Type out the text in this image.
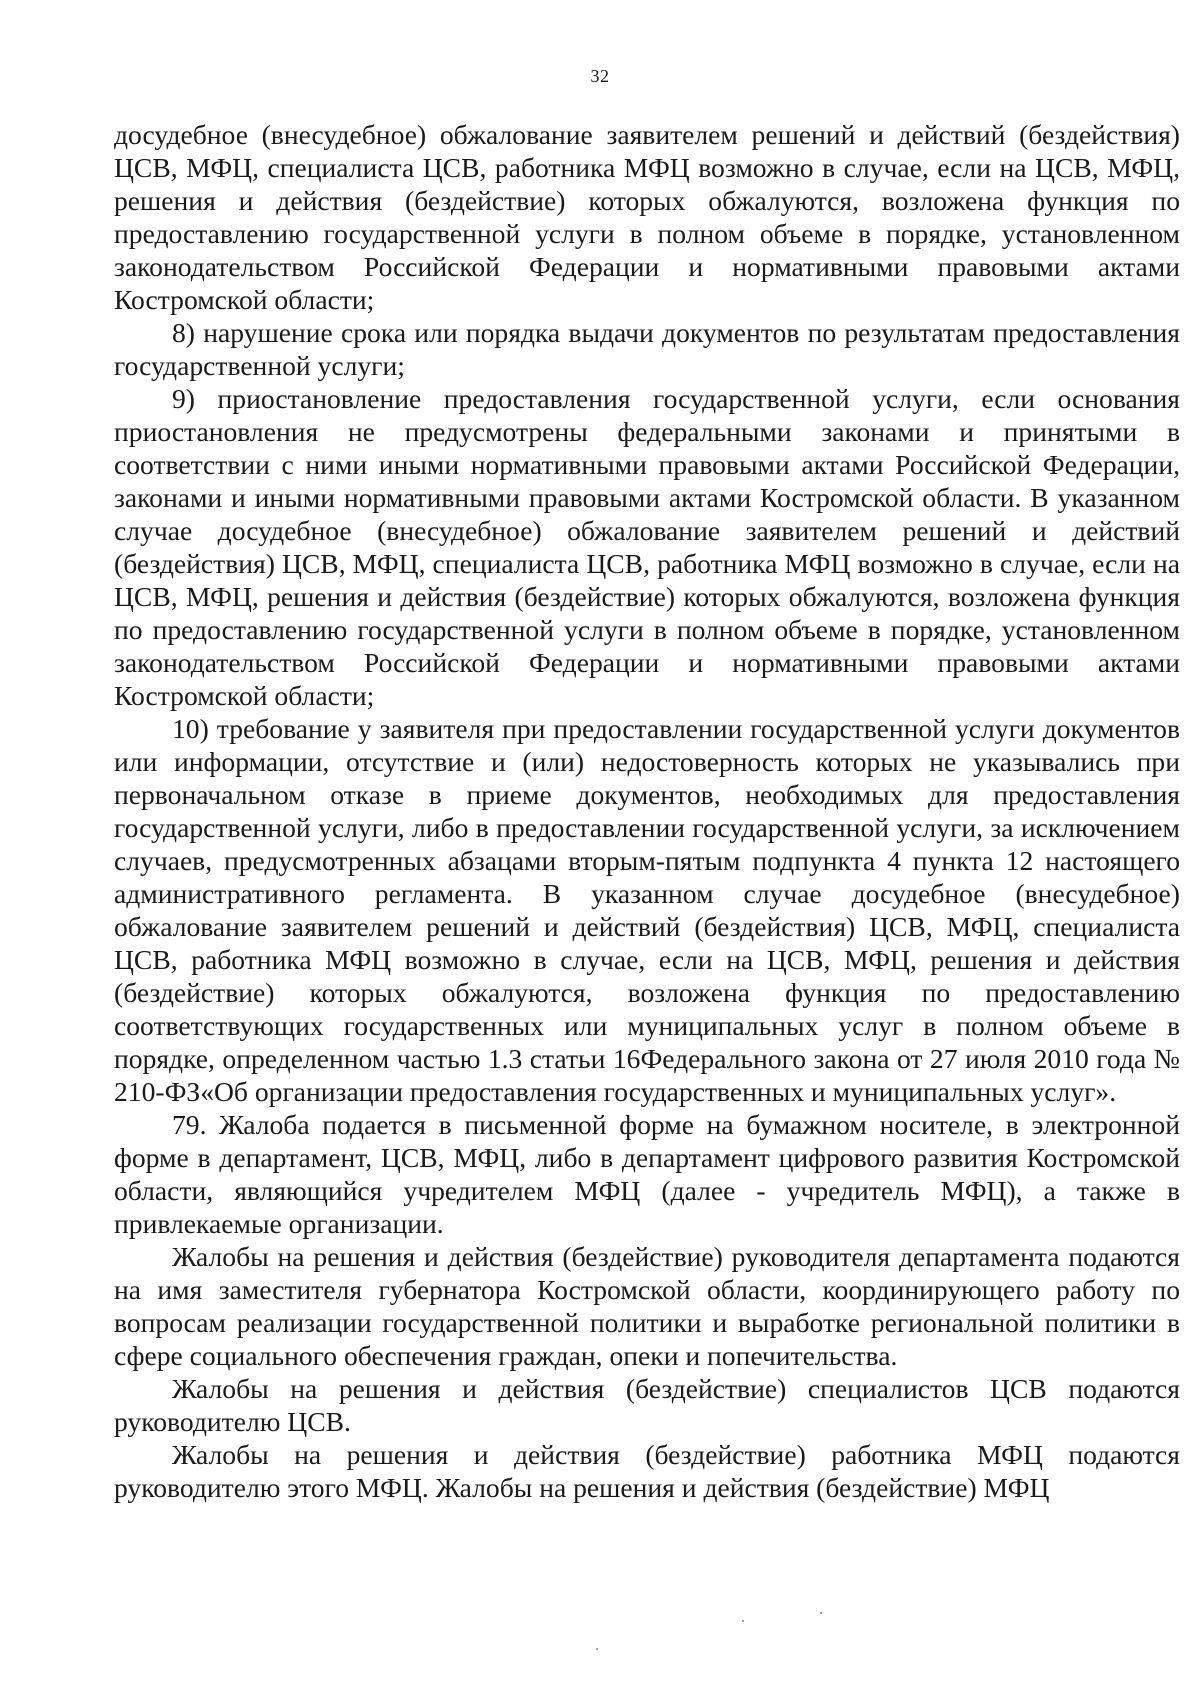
32

досудебное (внесудебное) обжалование заявителем решений и действий (бездействия) ЦСВ, МФЦ, специалиста ЦСВ, работника МФЦ возможно в случае, если на ЦСВ, МФЦ, решения и действия (бездействие) которых обжалуются, возложена функция по предоставлению государственной услуги в полном объеме в порядке, установленном законодательством Российской Федерации и нормативными правовыми актами Костромской области;

8) нарушение срока или порядка выдачи документов по результатам предоставления государственной услуги;

9) приостановление предоставления государственной услуги, если основания приостановления не предусмотрены федеральными законами и принятыми в соответствии с ними иными нормативными правовыми актами Российской Федерации, законами и иными нормативными правовыми актами Костромской области. В указанном случае досудебное (внесудебное) обжалование заявителем решений и действий (бездействия) ЦСВ, МФЦ, специалиста ЦСВ, работника МФЦ возможно в случае, если на ЦСВ, МФЦ, решения и действия (бездействие) которых обжалуются, возложена функция по предоставлению государственной услуги в полном объеме в порядке, установленном законодательством Российской Федерации и нормативными правовыми актами Костромской области;

10) требование у заявителя при предоставлении государственной услуги документов или информации, отсутствие и (или) недостоверность которых не указывались при первоначальном отказе в приеме документов, необходимых для предоставления государственной услуги, либо в предоставлении государственной услуги, за исключением случаев, предусмотренных абзацами вторым-пятым подпункта 4 пункта 12 настоящего административного регламента. В указанном случае досудебное (внесудебное) обжалование заявителем решений и действий (бездействия) ЦСВ, МФЦ, специалиста ЦСВ, работника МФЦ возможно в случае, если на ЦСВ, МФЦ, решения и действия (бездействие) которых обжалуются, возложена функция по предоставлению соответствующих государственных или муниципальных услуг в полном объеме в порядке, определенном частью 1.3 статьи 16Федерального закона от 27 июля 2010 года № 210-ФЗ«Об организации предоставления государственных и муниципальных услуг».

79. Жалоба подается в письменной форме на бумажном носителе, в электронной форме в департамент, ЦСВ, МФЦ, либо в департамент цифрового развития Костромской области, являющийся учредителем МФЦ (далее - учредитель МФЦ), а также в привлекаемые организации.

Жалобы на решения и действия (бездействие) руководителя департамента подаются на имя заместителя губернатора Костромской области, координирующего работу по вопросам реализации государственной политики и выработке региональной политики в сфере социального обеспечения граждан, опеки и попечительства.

Жалобы на решения и действия (бездействие) специалистов ЦСВ подаются руководителю ЦСВ.

Жалобы на решения и действия (бездействие) работника МФЦ подаются руководителю этого МФЦ. Жалобы на решения и действия (бездействие) МФЦ
